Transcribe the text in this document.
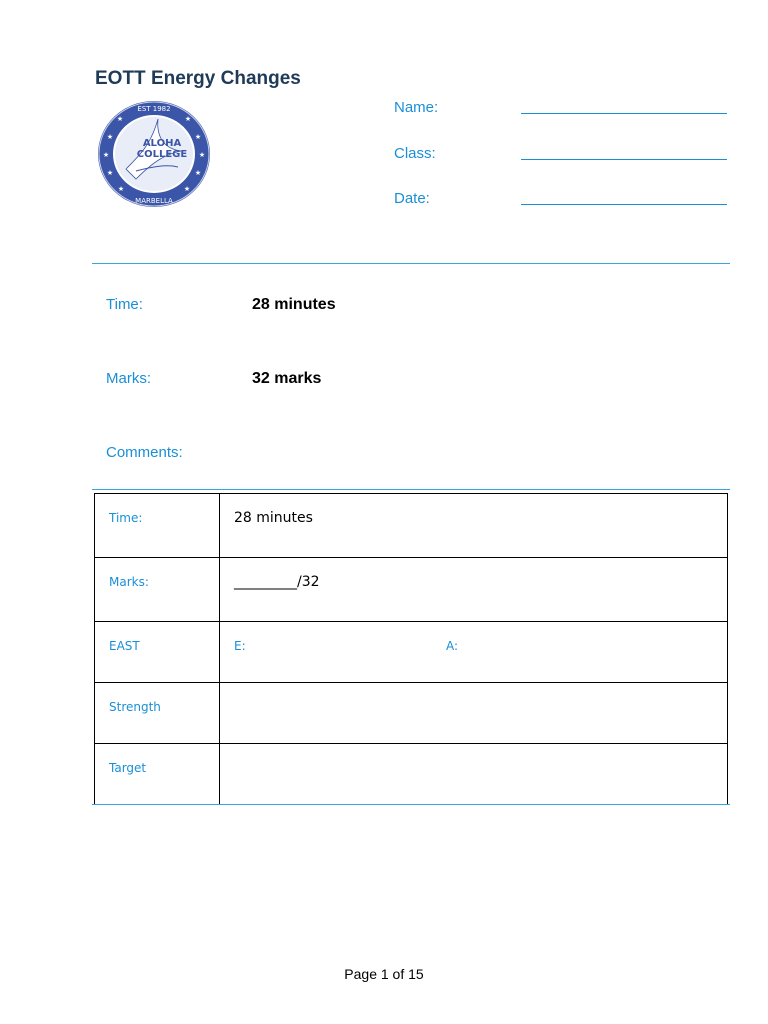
EOTT Energy Changes
EST 1982
MARBELLA
★
★
★
★
★
★
★
★
★
★
ALOHA
COLLEGE
Name:
Class:
Date:
Time:	28 minutes
Marks:	32 marks
Comments:
Time:	28 minutes
Marks:	_________/32
EAST	E: A:

Strength	
Target	
Page 1 of 15
